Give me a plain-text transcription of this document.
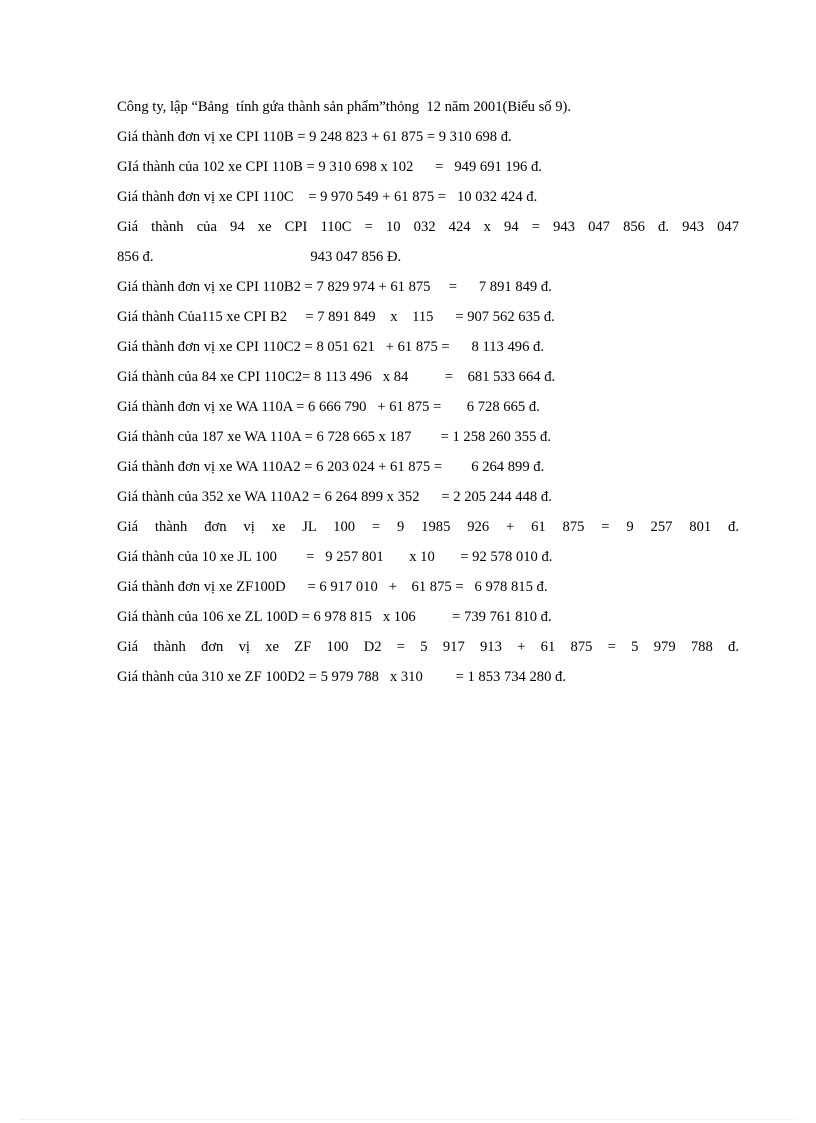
Công ty, lập “Bảng  tính gứa thành sản phẩm”thỏng  12 năm 2001(Biểu số 9).
Giá thành đơn vị xe CPI 110B = 9 248 823 + 61 875 = 9 310 698 đ.
GIá thành của 102 xe CPI 110B = 9 310 698 x 102      =   949 691 196 đ.
Giá thành đơn vị xe CPI 110C    = 9 970 549 + 61 875 =   10 032 424 đ.
Giá thành của 94 xe CPI 110C = 10 032 424 x 94 = 943 047 856 đ. 943 047
856 đ.                                           943 047 856 Đ.
Giá thành đơn vị xe CPI 110B2 = 7 829 974 + 61 875     =      7 891 849 đ.
Giá thành Của115 xe CPI B2     = 7 891 849    x    115      = 907 562 635 đ.
Giá thành đơn vị xe CPI 110C2 = 8 051 621   + 61 875 =      8 113 496 đ.
Giá thành của 84 xe CPI 110C2= 8 113 496   x 84          =    681 533 664 đ.
Giá thành đơn vị xe WA 110A = 6 666 790   + 61 875 =       6 728 665 đ.
Giá thành của 187 xe WA 110A = 6 728 665 x 187        = 1 258 260 355 đ.
Giá thành đơn vị xe WA 110A2 = 6 203 024 + 61 875 =        6 264 899 đ.
Giá thành của 352 xe WA 110A2 = 6 264 899 x 352      = 2 205 244 448 đ.
Giá thành đơn vị xe JL 100 = 9 1985 926 + 61 875 = 9 257 801 đ.
Giá thành của 10 xe JL 100        =   9 257 801       x 10       = 92 578 010 đ.
Giá thành đơn vị xe ZF100D      = 6 917 010   +    61 875 =   6 978 815 đ.
Giá thành của 106 xe ZL 100D = 6 978 815   x 106          = 739 761 810 đ.
Giá thành đơn vị xe ZF 100 D2 = 5 917 913 + 61 875 = 5 979 788 đ.
Giá thành của 310 xe ZF 100D2 = 5 979 788   x 310         = 1 853 734 280 đ.
